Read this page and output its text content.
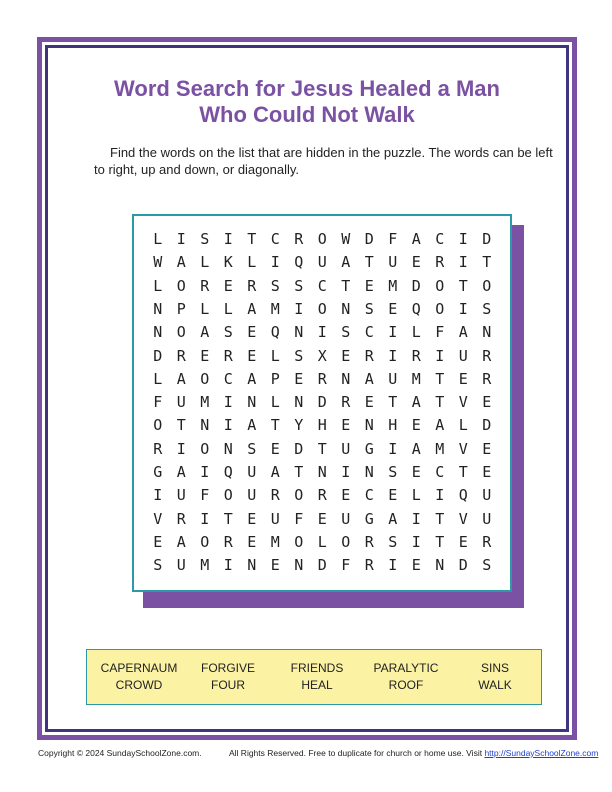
Word Search for Jesus Healed a Man
Who Could Not Walk
Find the words on the list that are hidden in the puzzle. The words can be left to right, up and down, or diagonally.
L I S I T C R O W D F A C I D
W A L K L I Q U A T U E R I T
L O R E R S S C T E M D O T O
N P L L A M I O N S E Q O I S
N O A S E Q N I S C I L F A N
D R E R E L S X E R I R I U R
L A O C A P E R N A U M T E R
F U M I N L N D R E T A T V E
O T N I A T Y H E N H E A L D
R I O N S E D T U G I A M V E
G A I Q U A T N I N S E C T E
I U F O U R O R E C E L I Q U
V R I T E U F E U G A I T V U
E A O R E M O L O R S I T E R
S U M I N E N D F R I E N D S
CAPERNAUM
CROWD
FORGIVE
FOUR
FRIENDS
HEAL
PARALYTIC
ROOF
SINS
WALK
Copyright © 2024 SundaySchoolZone.com.	All Rights Reserved. Free to duplicate for church or home use. Visit http://SundaySchoolZone.com
